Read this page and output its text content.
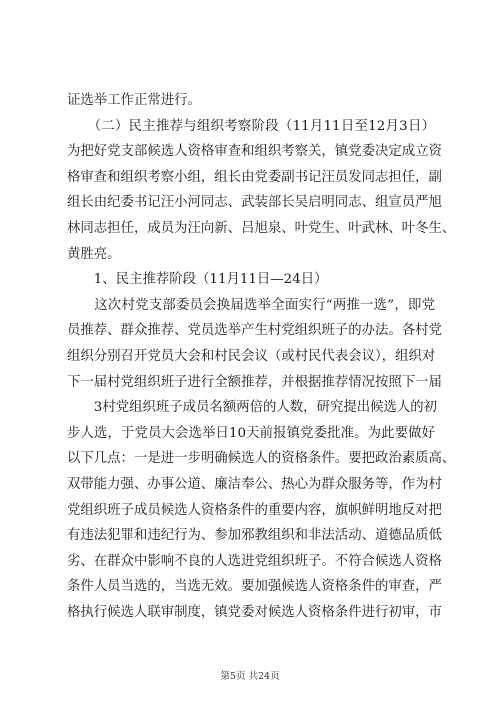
证选举工作正常进行。
　　（二）民主推荐与组织考察阶段（11月11日至12月3日）
为把好党支部候选人资格审查和组织考察关，镇党委决定成立资
格审查和组织考察小组，组长由党委副书记汪员发同志担任，副
组长由纪委书记汪小河同志、武装部长吴启明同志、组宣员严旭
林同志担任，成员为汪向新、吕旭泉、叶党生、叶武林、叶冬生、
黄胜亮。
　　1、民主推荐阶段（11月11日—24日）
　　这次村党支部委员会换届选举全面实行“两推一选”，即党
员推荐、群众推荐、党员选举产生村党组织班子的办法。各村党
组织分别召开党员大会和村民会议（或村民代表会议），组织对
下一届村党组织班子进行全额推荐，并根据推荐情况按照下一届
　　3村党组织班子成员名额两倍的人数，研究提出候选人的初
步人选，于党员大会选举日10天前报镇党委批准。为此要做好
以下几点：一是进一步明确候选人的资格条件。要把政治素质高、
双带能力强、办事公道、廉洁奉公、热心为群众服务等，作为村
党组织班子成员候选人资格条件的重要内容，旗帜鲜明地反对把
有违法犯罪和违纪行为、参加邪教组织和非法活动、道德品质低
劣、在群众中影响不良的人选进党组织班子。不符合候选人资格
条件人员当选的，当选无效。要加强候选人资格条件的审查，严
格执行候选人联审制度，镇党委对候选人资格条件进行初审，市
第5页 共24页
